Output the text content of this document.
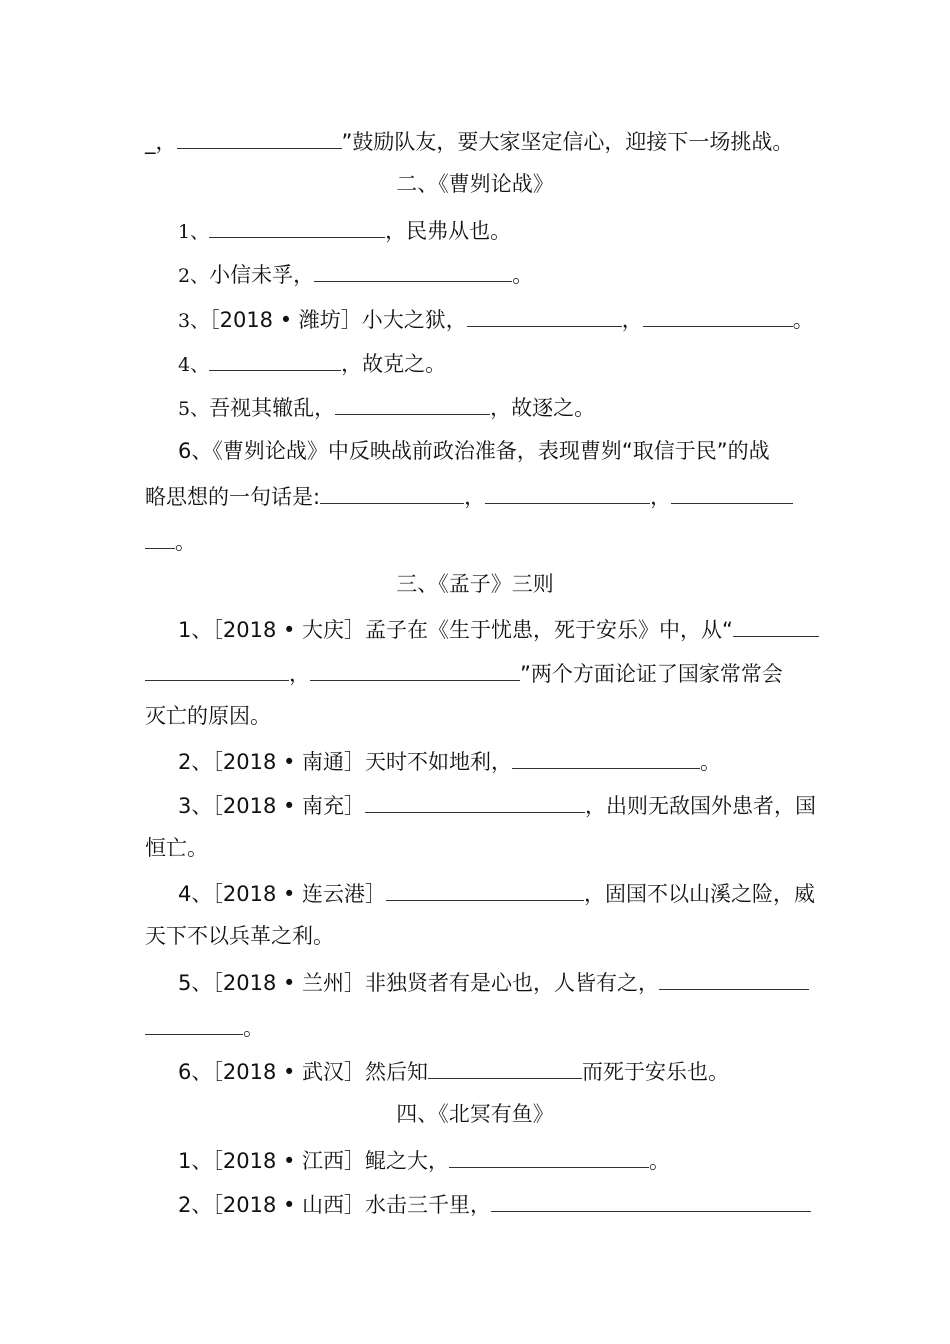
_，	”鼓励队友，要大家坚定信心，迎接下一场挑战。
二、《曹刿论战》
1、	，民弗从也。
2、小信未孚，	。
3、［2018 • 潍坊］小大之狱，	，	。
4、	，故克之。
5、吾视其辙乱，	，故逐之。
6、《曹刿论战》中反映战前政治准备，表现曹刿“取信于民”的战
略思想的一句话是:	，	，
。
三、《孟子》三则
1、［2018 • 大庆］孟子在《生于忧患，死于安乐》中，从“
，	”两个方面论证了国家常常会
灭亡的原因。
2、［2018 • 南通］天时不如地利，	。
3、［2018 • 南充］	，出则无敌国外患者，国
恒亡。
4、［2018 • 连云港］	，固国不以山溪之险，威
天下不以兵革之利。
5、［2018 • 兰州］非独贤者有是心也，人皆有之，
。
6、［2018 • 武汉］然后知	而死于安乐也。
四、《北冥有鱼》
1、［2018 • 江西］鲲之大，	。
2、［2018 • 山西］水击三千里，
